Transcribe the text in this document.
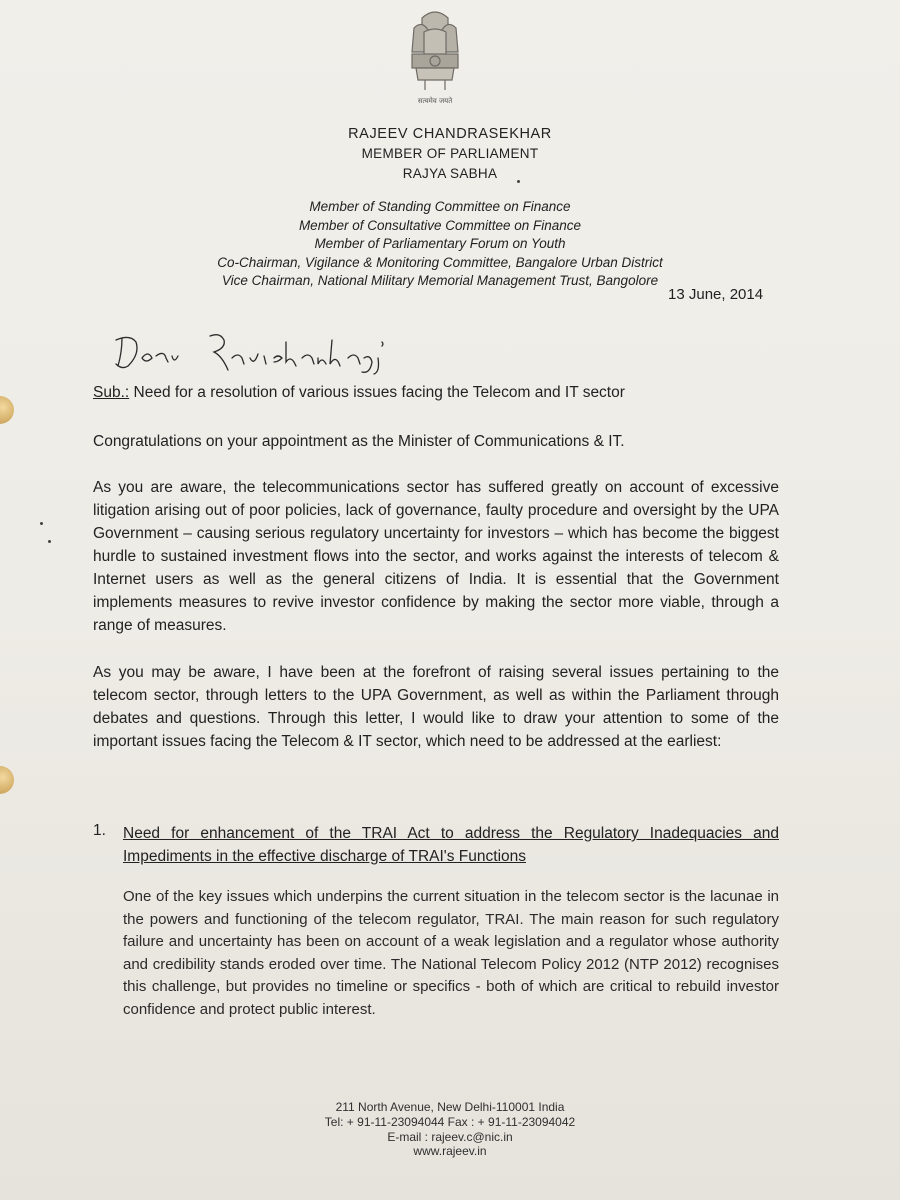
सत्यमेव जयते
RAJEEV CHANDRASEKHAR
MEMBER OF PARLIAMENT
RAJYA SABHA
Member of Standing Committee on Finance
Member of Consultative Committee on Finance
Member of Parliamentary Forum on Youth
Co-Chairman, Vigilance & Monitoring Committee, Bangalore Urban District
Vice Chairman, National Military Memorial Management Trust, Bangolore
13 June, 2014
Dear Ravi shankarji
Sub.: Need for a resolution of various issues facing the Telecom and IT sector
Congratulations on your appointment as the Minister of Communications & IT.
As you are aware, the telecommunications sector has suffered greatly on account of excessive litigation arising out of poor policies, lack of governance, faulty procedure and oversight by the UPA Government – causing serious regulatory uncertainty for investors – which has become the biggest hurdle to sustained investment flows into the sector, and works against the interests of telecom & Internet users as well as the general citizens of India. It is essential that the Government implements measures to revive investor confidence by making the sector more viable, through a range of measures.
As you may be aware, I have been at the forefront of raising several issues pertaining to the telecom sector, through letters to the UPA Government, as well as within the Parliament through debates and questions. Through this letter, I would like to draw your attention to some of the important issues facing the Telecom & IT sector, which need to be addressed at the earliest:
1. Need for enhancement of the TRAI Act to address the Regulatory Inadequacies and Impediments in the effective discharge of TRAI's Functions
One of the key issues which underpins the current situation in the telecom sector is the lacunae in the powers and functioning of the telecom regulator, TRAI. The main reason for such regulatory failure and uncertainty has been on account of a weak legislation and a regulator whose authority and credibility stands eroded over time. The National Telecom Policy 2012 (NTP 2012) recognises this challenge, but provides no timeline or specifics - both of which are critical to rebuild investor confidence and protect public interest.
211 North Avenue, New Delhi-110001 India
Tel: + 91-11-23094044 Fax : + 91-11-23094042
E-mail : rajeev.c@nic.in
www.rajeev.in
